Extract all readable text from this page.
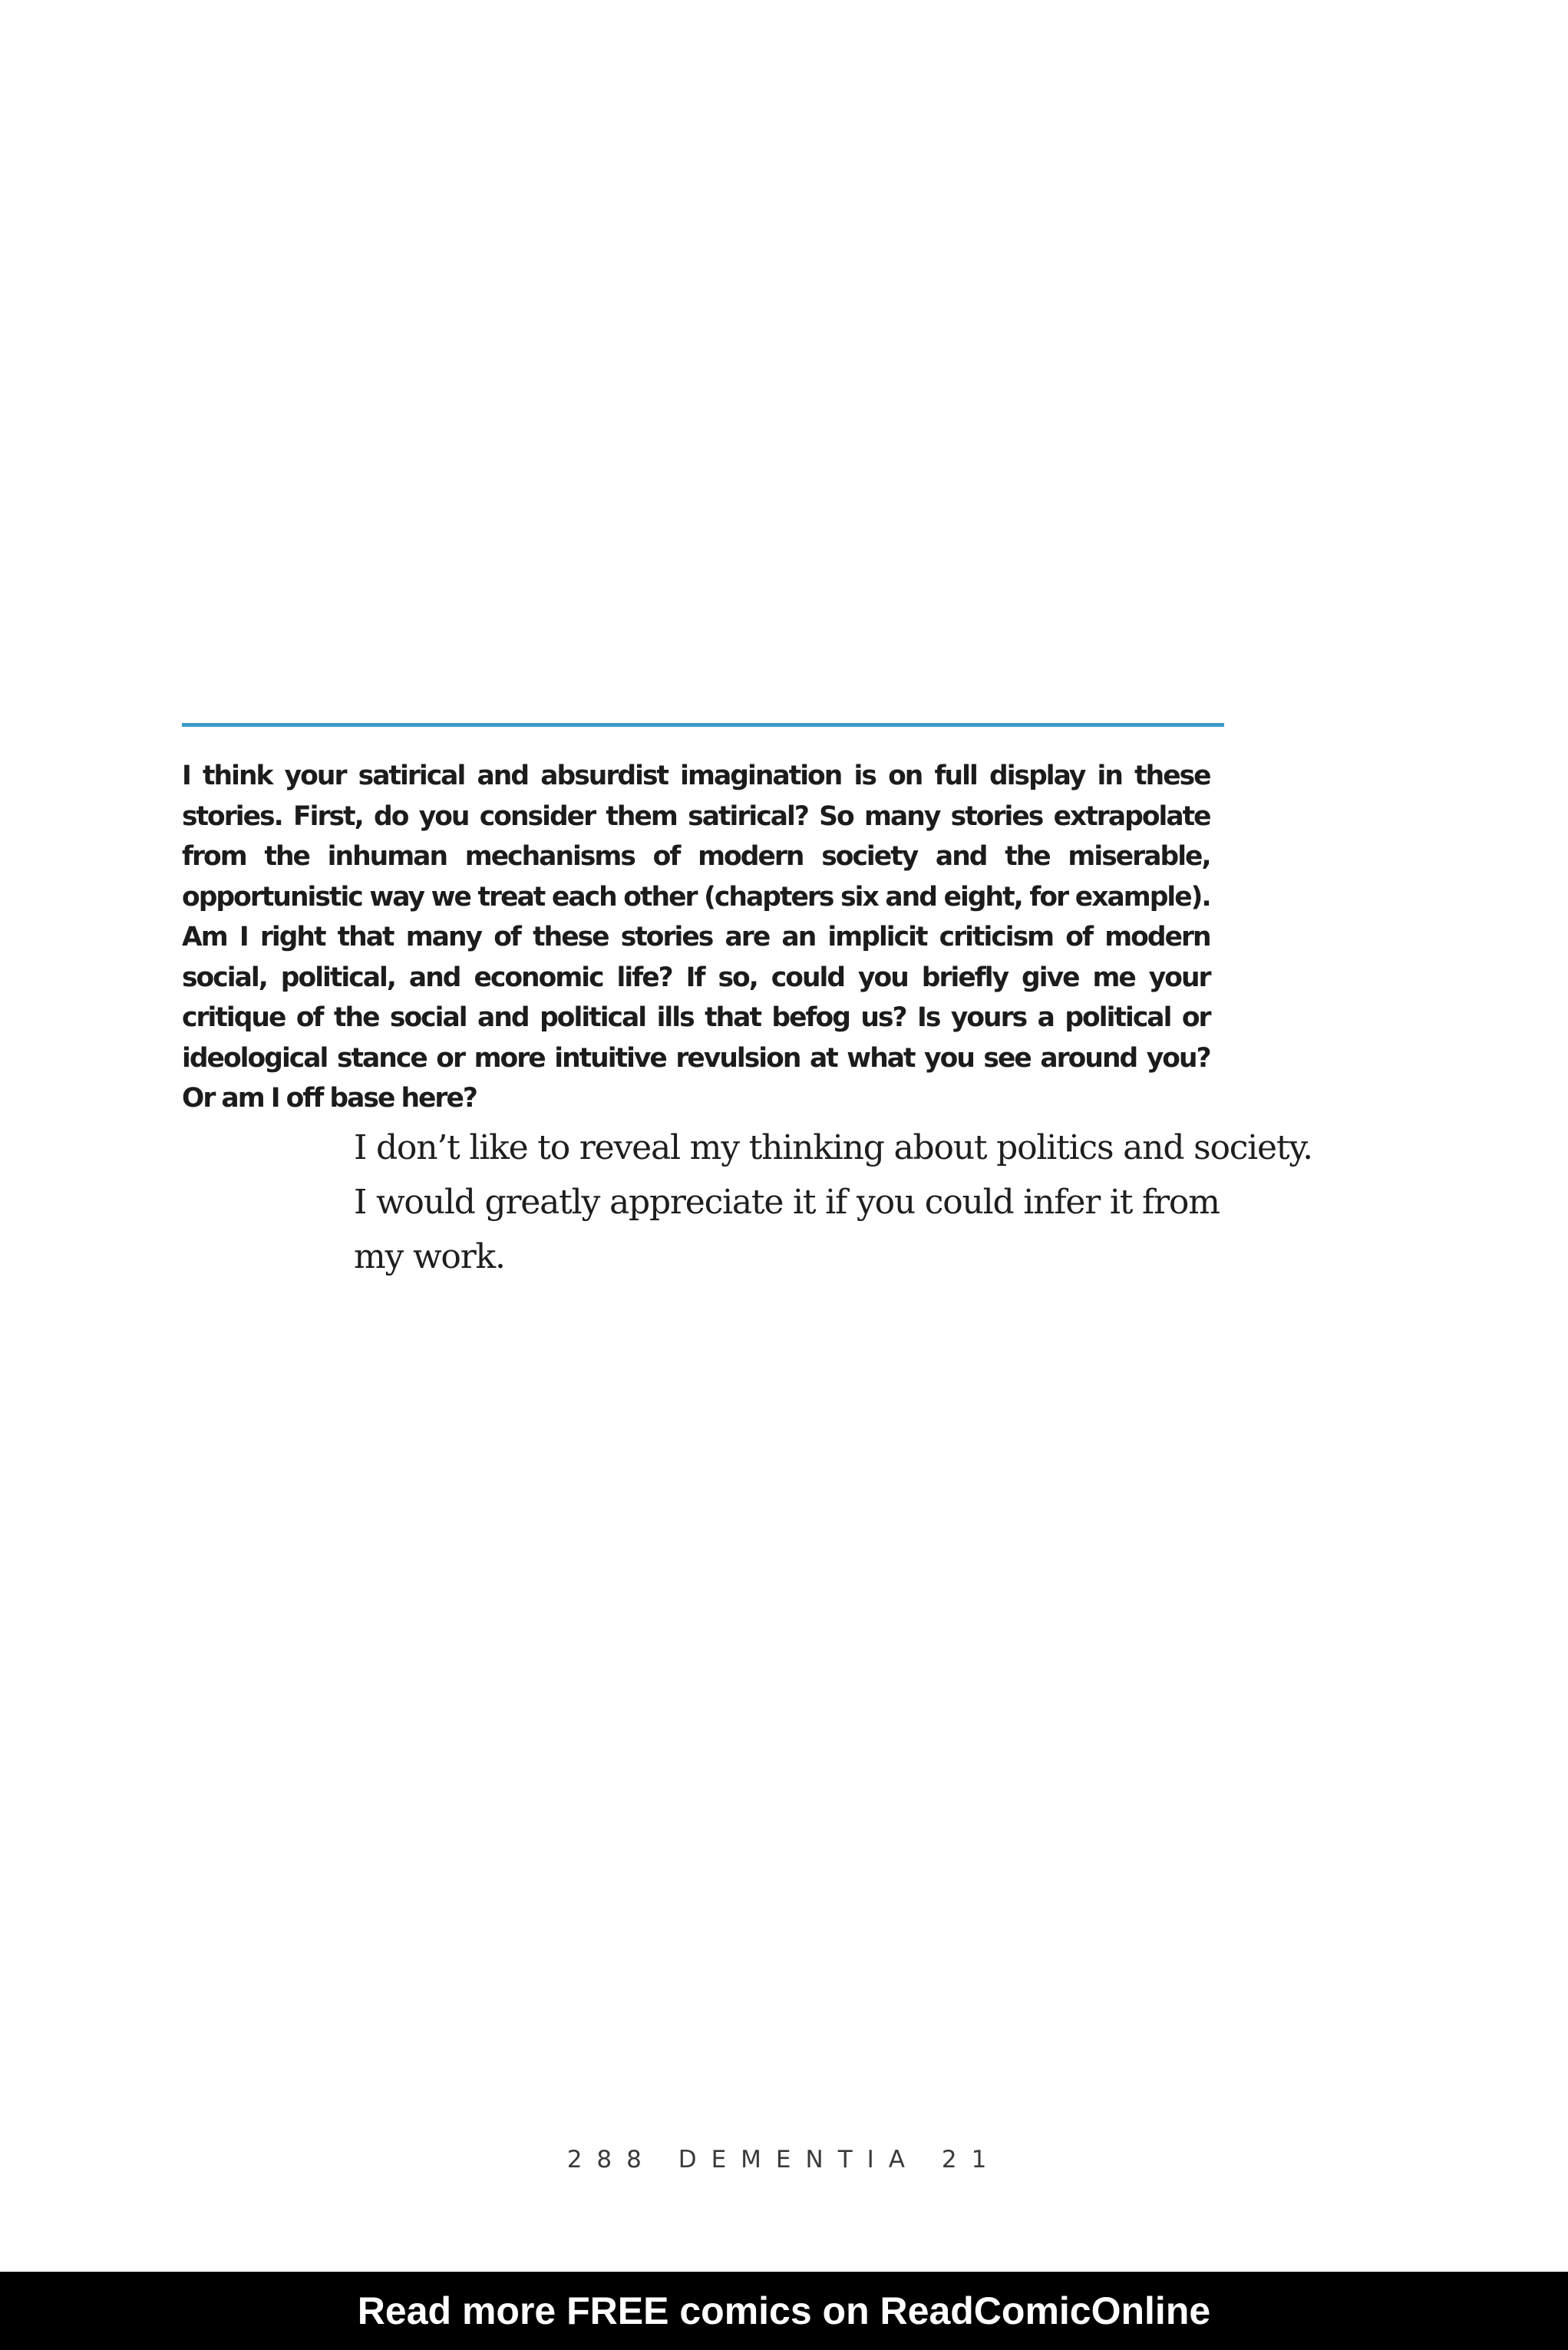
I think your satirical and absurdist imagination is on full display in these stories. First, do you consider them satirical? So many stories extrapolate from the inhuman mechanisms of modern society and the miserable, opportunistic way we treat each other (chapters six and eight, for example). Am I right that many of these stories are an implicit criticism of modern social, political, and economic life? If so, could you briefly give me your critique of the social and political ills that befog us? Is yours a political or ideological stance or more intuitive revulsion at what you see around you? Or am I off base here?

I don’t like to reveal my thinking about politics and society.
I would greatly appreciate it if you could infer it from
my work.

288 DEMENTIA 21
Read more FREE comics on ReadComicOnline
